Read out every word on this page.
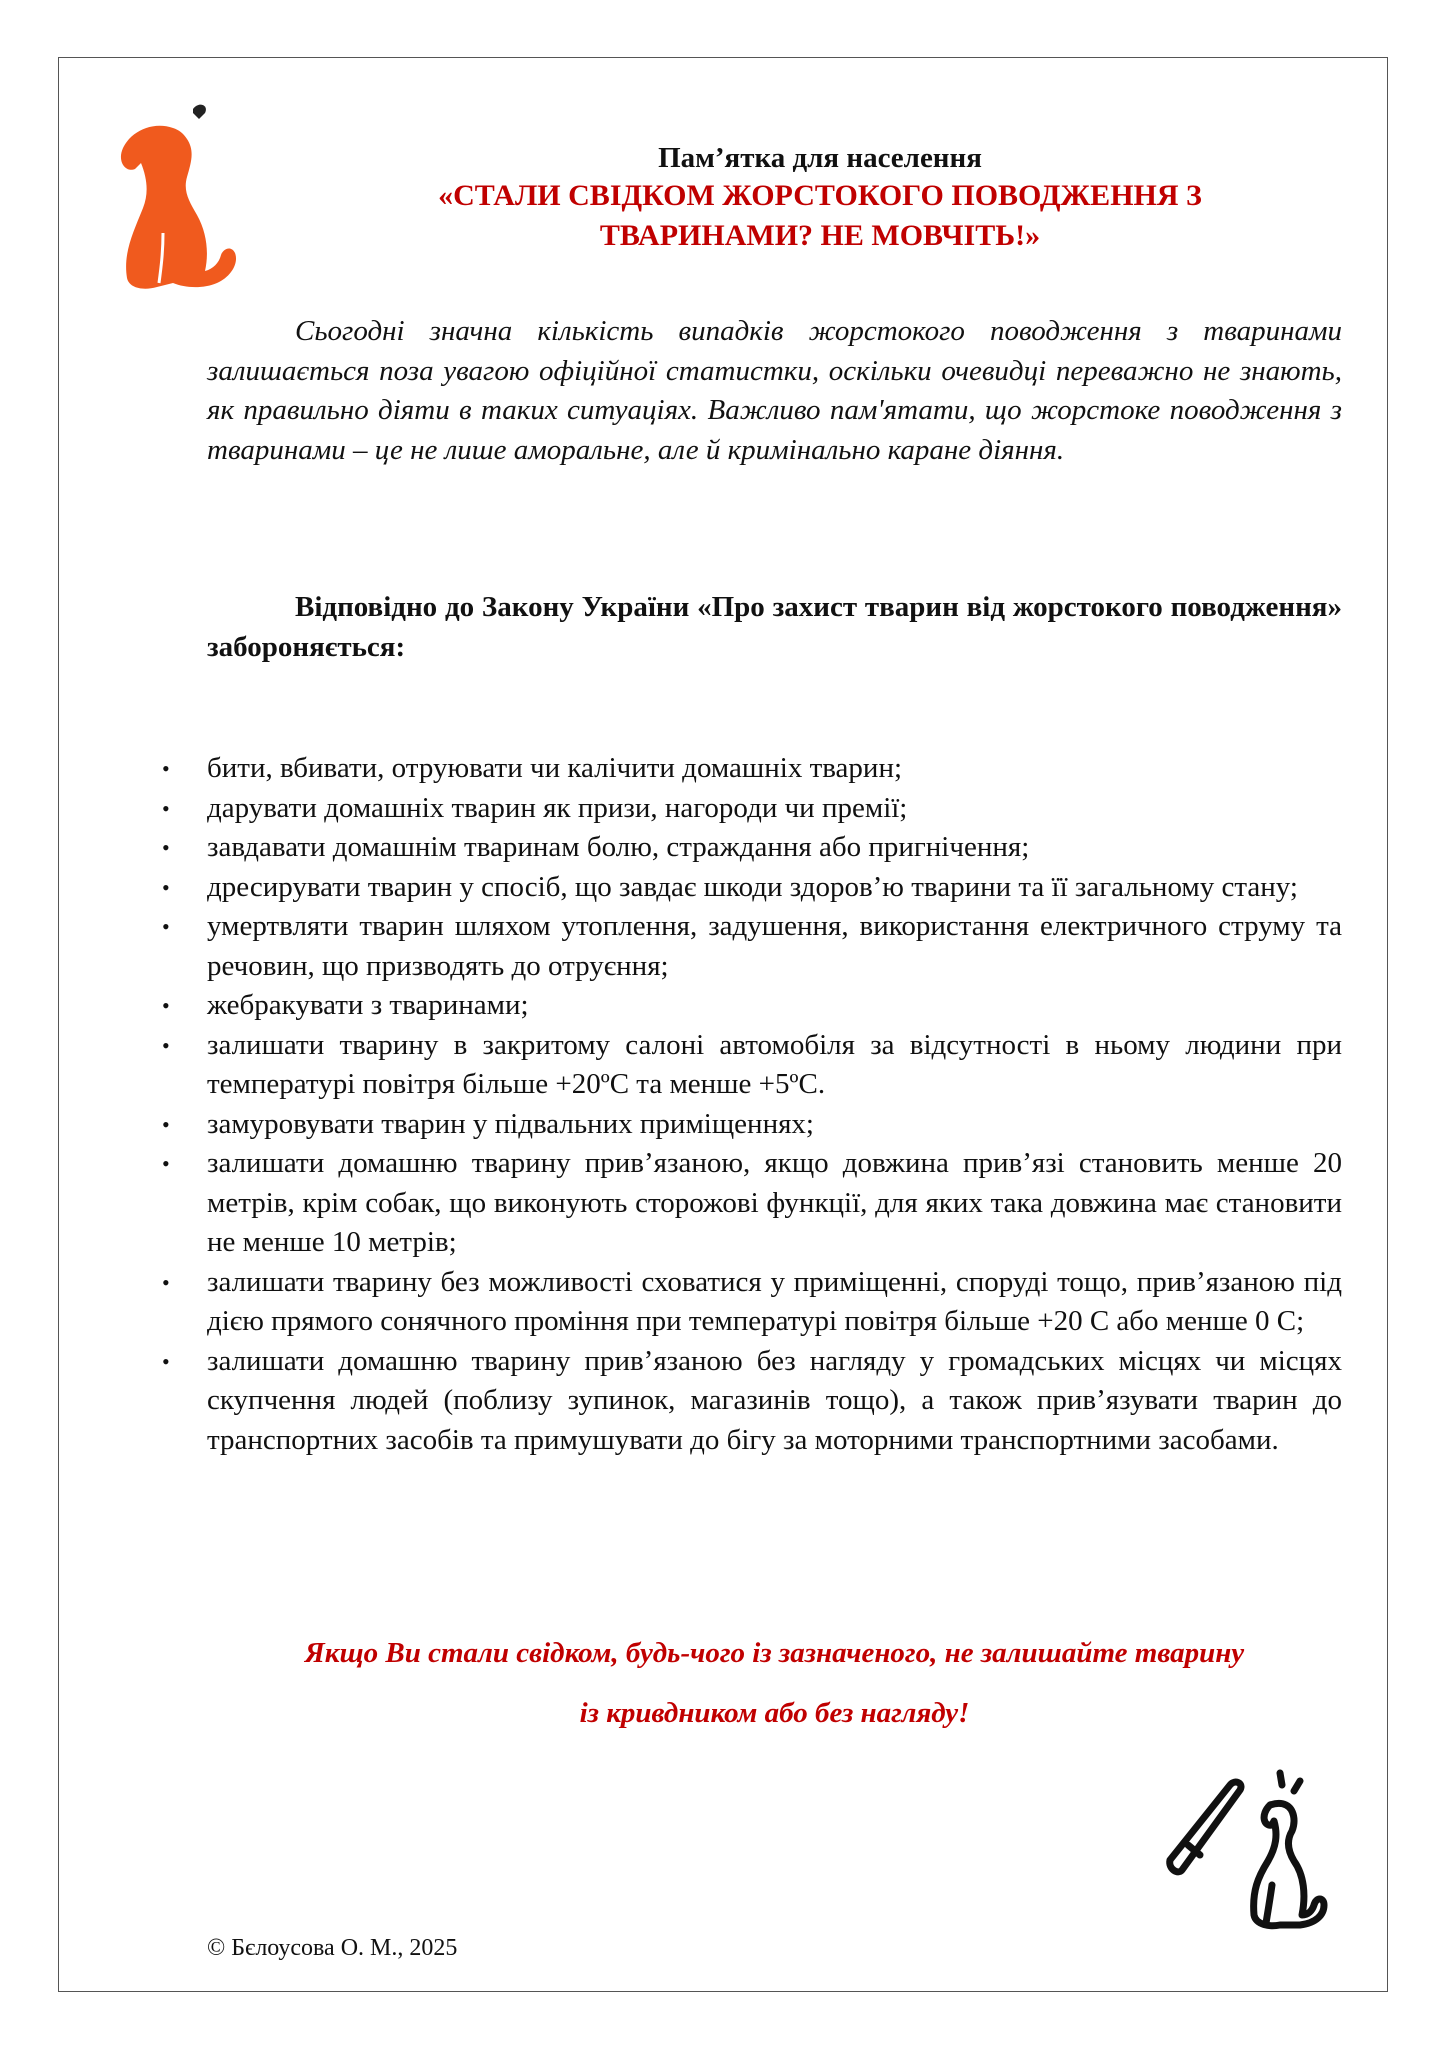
Пам’ятка для населення
«СТАЛИ СВІДКОМ ЖОРСТОКОГО ПОВОДЖЕННЯ З
ТВАРИНАМИ? НЕ МОВЧІТЬ!»

Сьогодні значна кількість випадків жорстокого поводження з тваринами залишається поза увагою офіційної статистки, оскільки очевидці переважно не знають, як правильно діяти в таких ситуаціях. Важливо пам'ятати, що жорстоке поводження з тваринами – це не лише аморальне, але й кримінально каране діяння.

Відповідно до Закону України «Про захист тварин від жорстокого поводження» забороняється:

• бити, вбивати, отруювати чи калічити домашніх тварин;
• дарувати домашніх тварин як призи, нагороди чи премії;
• завдавати домашнім тваринам болю, страждання або пригнічення;
• дресирувати тварин у спосіб, що завдає шкоди здоров’ю тварини та її загальному стану;
• умертвляти тварин шляхом утоплення, задушення, використання електричного струму та речовин, що призводять до отруєння;
• жебракувати з тваринами;
• залишати тварину в закритому салоні автомобіля за відсутності в ньому людини при температурі повітря більше +20ºС та менше +5ºС.
• замуровувати тварин у підвальних приміщеннях;
• залишати домашню тварину прив’язаною, якщо довжина прив’язі становить менше 20 метрів, крім собак, що виконують сторожові функції, для яких така довжина має становити не менше 10 метрів;
• залишати тварину без можливості сховатися у приміщенні, споруді тощо, прив’язаною під дією прямого сонячного проміння при температурі повітря більше +20 С або менше 0 С;
• залишати домашню тварину прив’язаною без нагляду у громадських місцях чи місцях скупчення людей (поблизу зупинок, магазинів тощо), а також прив’язувати тварин до транспортних засобів та примушувати до бігу за моторними транспортними засобами.
Якщо Ви стали свідком, будь-чого із зазначеного, не залишайте тварину
із кривдником або без нагляду!
© Бєлоусова О. М., 2025
